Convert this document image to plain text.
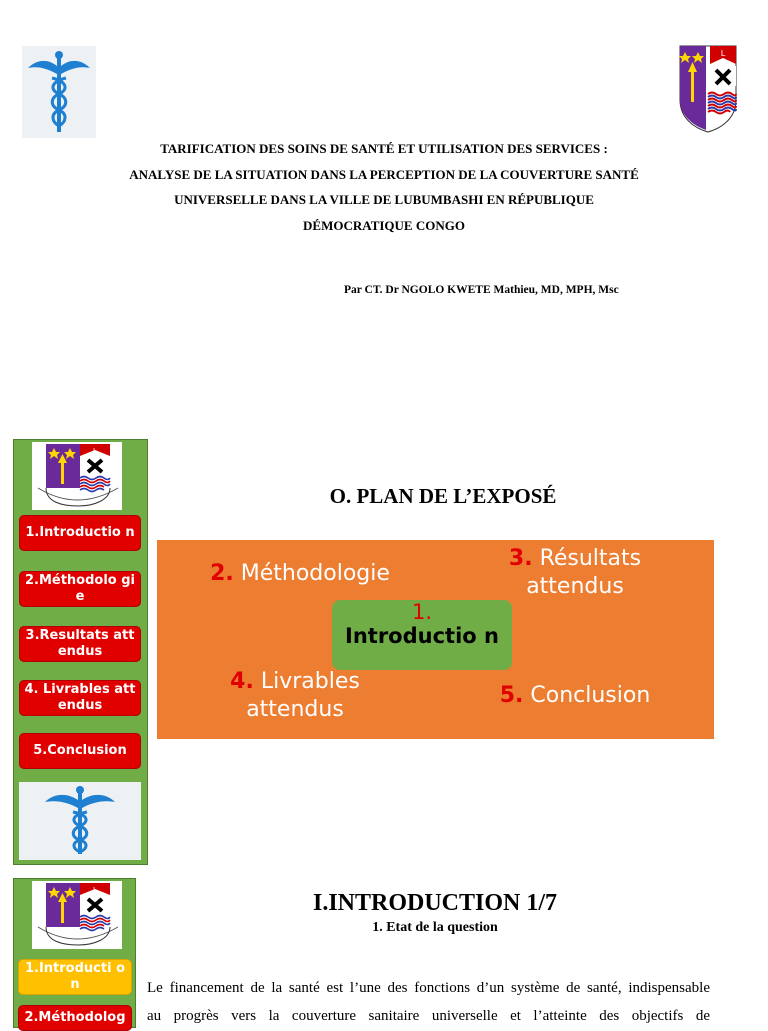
L
TARIFICATION DES SOINS DE SANTÉ ET UTILISATION DES SERVICES :
ANALYSE DE LA SITUATION DANS LA PERCEPTION DE LA COUVERTURE SANTÉ
UNIVERSELLE DANS LA VILLE DE LUBUMBASHI EN RÉPUBLIQUE
DÉMOCRATIQUE CONGO
Par CT. Dr NGOLO KWETE Mathieu, MD, MPH, Msc
L
1.Introductio n
2.Méthodolo gie
3.Resultats attendus
4. Livrables attendus
5.Conclusion
O. PLAN DE L’EXPOSÉ
2. Méthodologie
3. Résultats attendus
1.
Introductio n
4. Livrables attendus
5. Conclusion
L
1.Introducti on
2.Méthodolog
I.INTRODUCTION 1/7
1. Etat de la question
Le financement de la santé est l’une des fonctions d’un système de santé, indispensable
au progrès vers la couverture sanitaire universelle et l’atteinte des objectifs de
